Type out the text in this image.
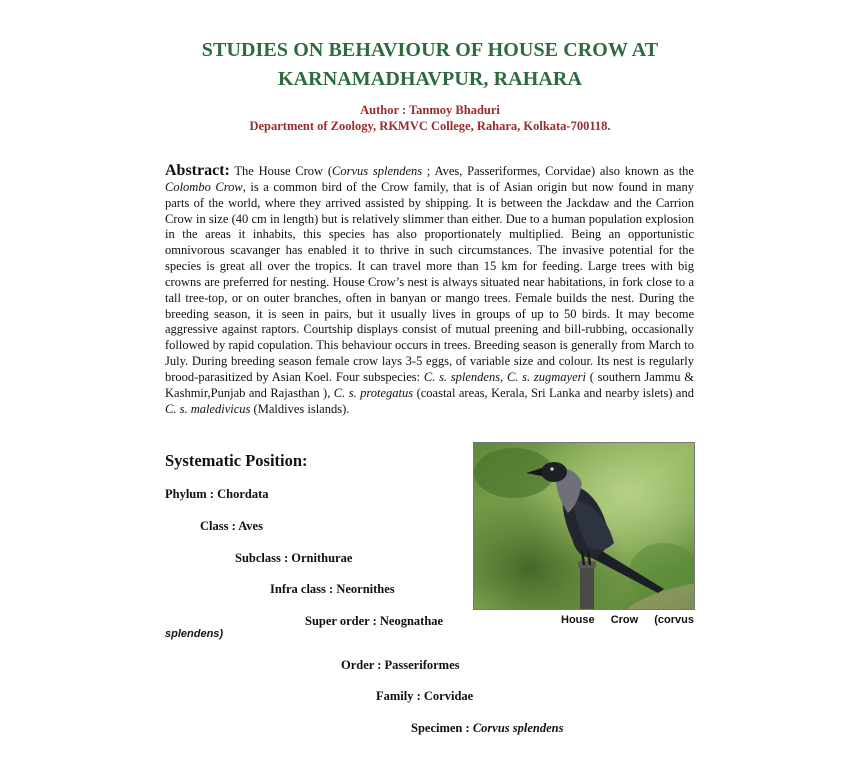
STUDIES ON BEHAVIOUR OF HOUSE CROW AT
KARNAMADHAVPUR, RAHARA
Author : Tanmoy Bhaduri
Department of Zoology, RKMVC College, Rahara, Kolkata-700118.
Abstract: The House Crow (Corvus splendens ; Aves, Passeriformes, Corvidae) also known as the Colombo Crow, is a common bird of the Crow family, that is of Asian origin but now found in many parts of the world, where they arrived assisted by shipping. It is between the Jackdaw and the Carrion Crow in size (40 cm in length) but is relatively slimmer than either. Due to a human population explosion in the areas it inhabits, this species has also proportionately multiplied. Being an opportunistic omnivorous scavanger has enabled it to thrive in such circumstances. The invasive potential for the species is great all over the tropics. It can travel more than 15 km for feeding. Large trees with big crowns are preferred for nesting. House Crow’s nest is always situated near habitations, in fork close to a tall tree-top, or on outer branches, often in banyan or mango trees. Female builds the nest. During the breeding season, it is seen in pairs, but it usually lives in groups of up to 50 birds. It may become aggressive against raptors. Courtship displays consist of mutual preening and bill-rubbing, occasionally followed by rapid copulation. This behaviour occurs in trees. Breeding season is generally from March to July. During breeding season female crow lays 3-5 eggs, of variable size and colour. Its nest is regularly brood-parasitized by Asian Koel. Four subspecies: C. s. splendens, C. s. zugmayeri ( southern Jammu & Kashmir,Punjab and Rajasthan ), C. s. protegatus (coastal areas, Kerala, Sri Lanka and nearby islets) and C. s. maledivicus (Maldives islands).
Systematic Position:
Phylum : Chordata
Class : Aves
Subclass : Ornithurae
Infra class : Neornithes
Super order : Neognathae
Order : Passeriformes
Family : Corvidae
Specimen : Corvus splendens
House Crow (corvus
splendens)
